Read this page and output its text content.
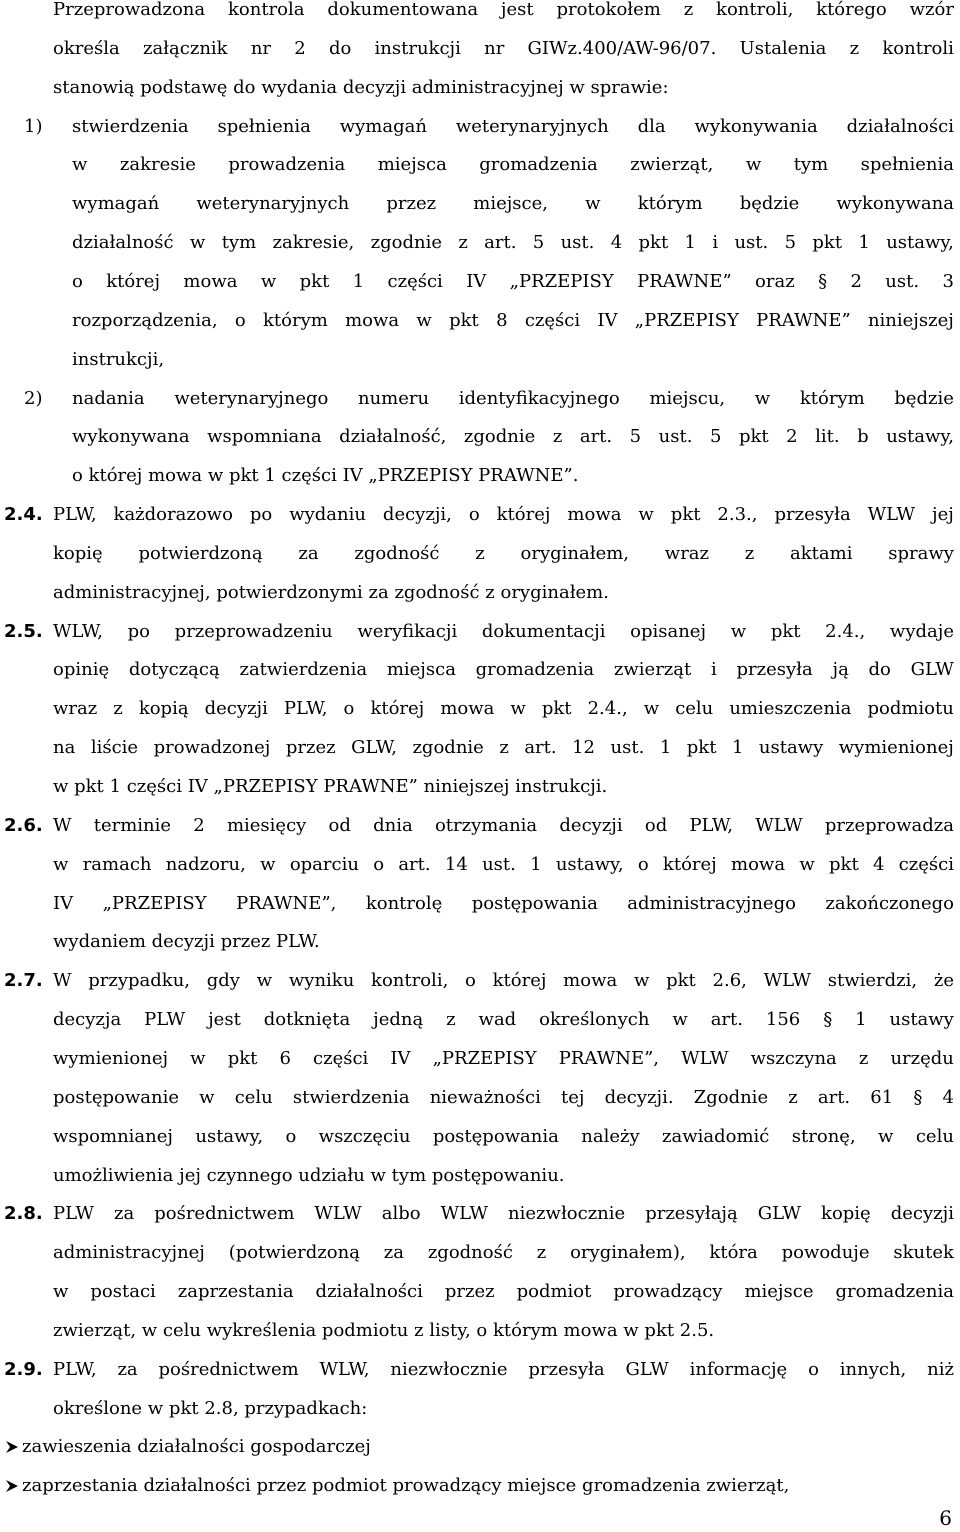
Przeprowadzona kontrola dokumentowana jest protokołem z kontroli, którego wzór
określa załącznik nr 2 do instrukcji nr GIWz.400/AW-96/07. Ustalenia z kontroli
stanowią podstawę do wydania decyzji administracyjnej w sprawie:
stwierdzenia spełnienia wymagań weterynaryjnych dla wykonywania działalności
1)
w zakresie prowadzenia miejsca gromadzenia zwierząt, w tym spełnienia
wymagań weterynaryjnych przez miejsce, w którym będzie wykonywana
działalność w tym zakresie, zgodnie z art. 5 ust. 4 pkt 1 i ust. 5 pkt 1 ustawy,
o której mowa w pkt 1 części IV „PRZEPISY PRAWNE” oraz § 2 ust. 3
rozporządzenia, o którym mowa w pkt 8 części IV „PRZEPISY PRAWNE” niniejszej
instrukcji,
nadania weterynaryjnego numeru identyfikacyjnego miejscu, w którym będzie
2)
wykonywana wspomniana działalność, zgodnie z art. 5 ust. 5 pkt 2 lit. b ustawy,
o której mowa w pkt 1 części IV „PRZEPISY PRAWNE”.
PLW, każdorazowo po wydaniu decyzji, o której mowa w pkt 2.3., przesyła WLW jej
2.4.
kopię potwierdzoną za zgodność z oryginałem, wraz z aktami sprawy
administracyjnej, potwierdzonymi za zgodność z oryginałem.
WLW, po przeprowadzeniu weryfikacji dokumentacji opisanej w pkt 2.4., wydaje
2.5.
opinię dotyczącą zatwierdzenia miejsca gromadzenia zwierząt i przesyła ją do GLW
wraz z kopią decyzji PLW, o której mowa w pkt 2.4., w celu umieszczenia podmiotu
na liście prowadzonej przez GLW, zgodnie z art. 12 ust. 1 pkt 1 ustawy wymienionej
w pkt 1 części IV „PRZEPISY PRAWNE” niniejszej instrukcji.
W terminie 2 miesięcy od dnia otrzymania decyzji od PLW, WLW przeprowadza
2.6.
w ramach nadzoru, w oparciu o art. 14 ust. 1 ustawy, o której mowa w pkt 4 części
IV „PRZEPISY PRAWNE”, kontrolę postępowania administracyjnego zakończonego
wydaniem decyzji przez PLW.
W przypadku, gdy w wyniku kontroli, o której mowa w pkt 2.6, WLW stwierdzi, że
2.7.
decyzja PLW jest dotknięta jedną z wad określonych w art. 156 § 1 ustawy
wymienionej w pkt 6 części IV „PRZEPISY PRAWNE”, WLW wszczyna z urzędu
postępowanie w celu stwierdzenia nieważności tej decyzji. Zgodnie z art. 61 § 4
wspomnianej ustawy, o wszczęciu postępowania należy zawiadomić stronę, w celu
umożliwienia jej czynnego udziału w tym postępowaniu.
PLW za pośrednictwem WLW albo WLW niezwłocznie przesyłają GLW kopię decyzji
2.8.
administracyjnej (potwierdzoną za zgodność z oryginałem), która powoduje skutek
w postaci zaprzestania działalności przez podmiot prowadzący miejsce gromadzenia
zwierząt, w celu wykreślenia podmiotu z listy, o którym mowa w pkt 2.5.
PLW, za pośrednictwem WLW, niezwłocznie przesyła GLW informację o innych, niż
2.9.
określone w pkt 2.8, przypadkach:
zawieszenia działalności gospodarczej
zaprzestania działalności przez podmiot prowadzący miejsce gromadzenia zwierząt,
6
